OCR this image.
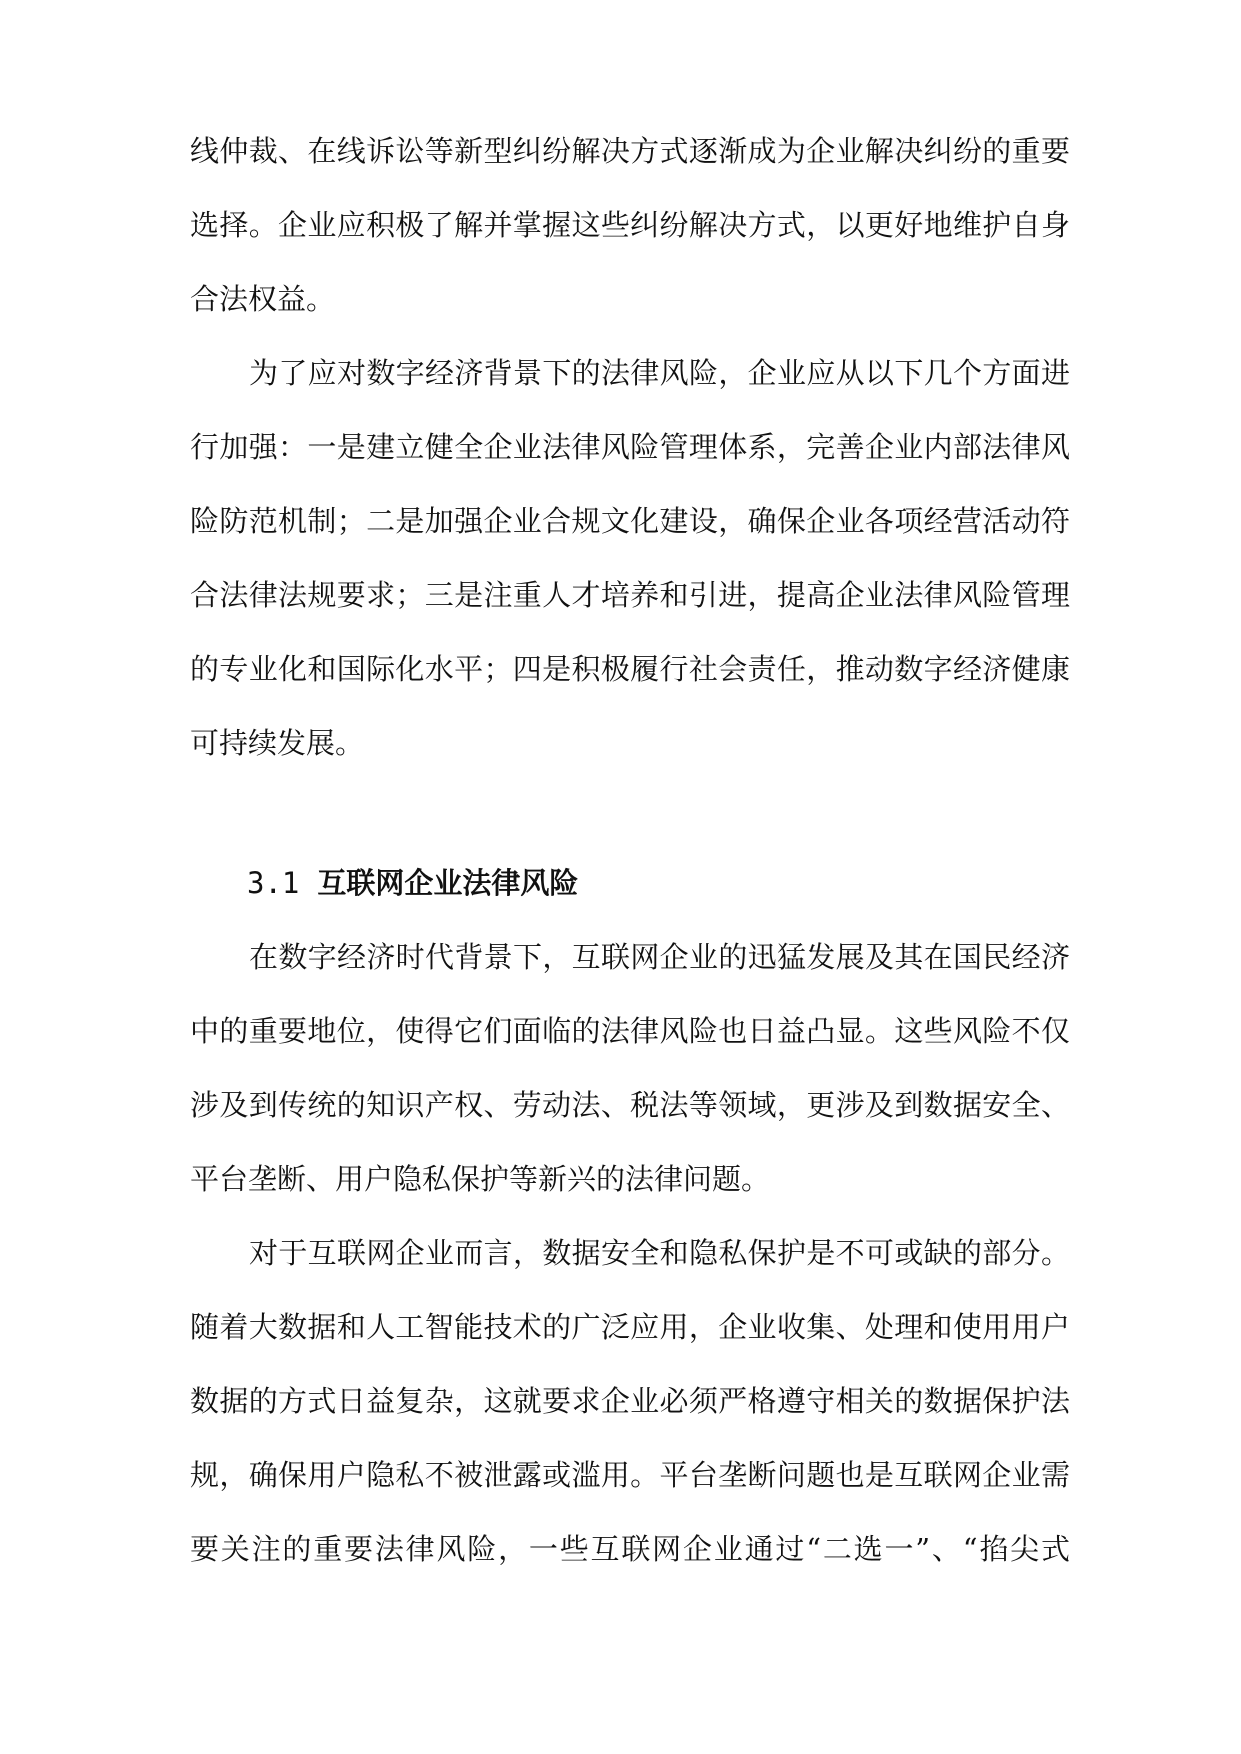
线仲裁、在线诉讼等新型纠纷解决方式逐渐成为企业解决纠纷的重要
选择。企业应积极了解并掌握这些纠纷解决方式，以更好地维护自身
合法权益。
为了应对数字经济背景下的法律风险，企业应从以下几个方面进
行加强：一是建立健全企业法律风险管理体系，完善企业内部法律风
险防范机制；二是加强企业合规文化建设，确保企业各项经营活动符
合法律法规要求；三是注重人才培养和引进，提高企业法律风险管理
的专业化和国际化水平；四是积极履行社会责任，推动数字经济健康
可持续发展。
3.1 互联网企业法律风险
在数字经济时代背景下，互联网企业的迅猛发展及其在国民经济
中的重要地位，使得它们面临的法律风险也日益凸显。这些风险不仅
涉及到传统的知识产权、劳动法、税法等领域，更涉及到数据安全、
平台垄断、用户隐私保护等新兴的法律问题。
对于互联网企业而言，数据安全和隐私保护是不可或缺的部分。
随着大数据和人工智能技术的广泛应用，企业收集、处理和使用用户
数据的方式日益复杂，这就要求企业必须严格遵守相关的数据保护法
规，确保用户隐私不被泄露或滥用。平台垄断问题也是互联网企业需
要关注的重要法律风险，一些互联网企业通过“二选一”、“掐尖式
